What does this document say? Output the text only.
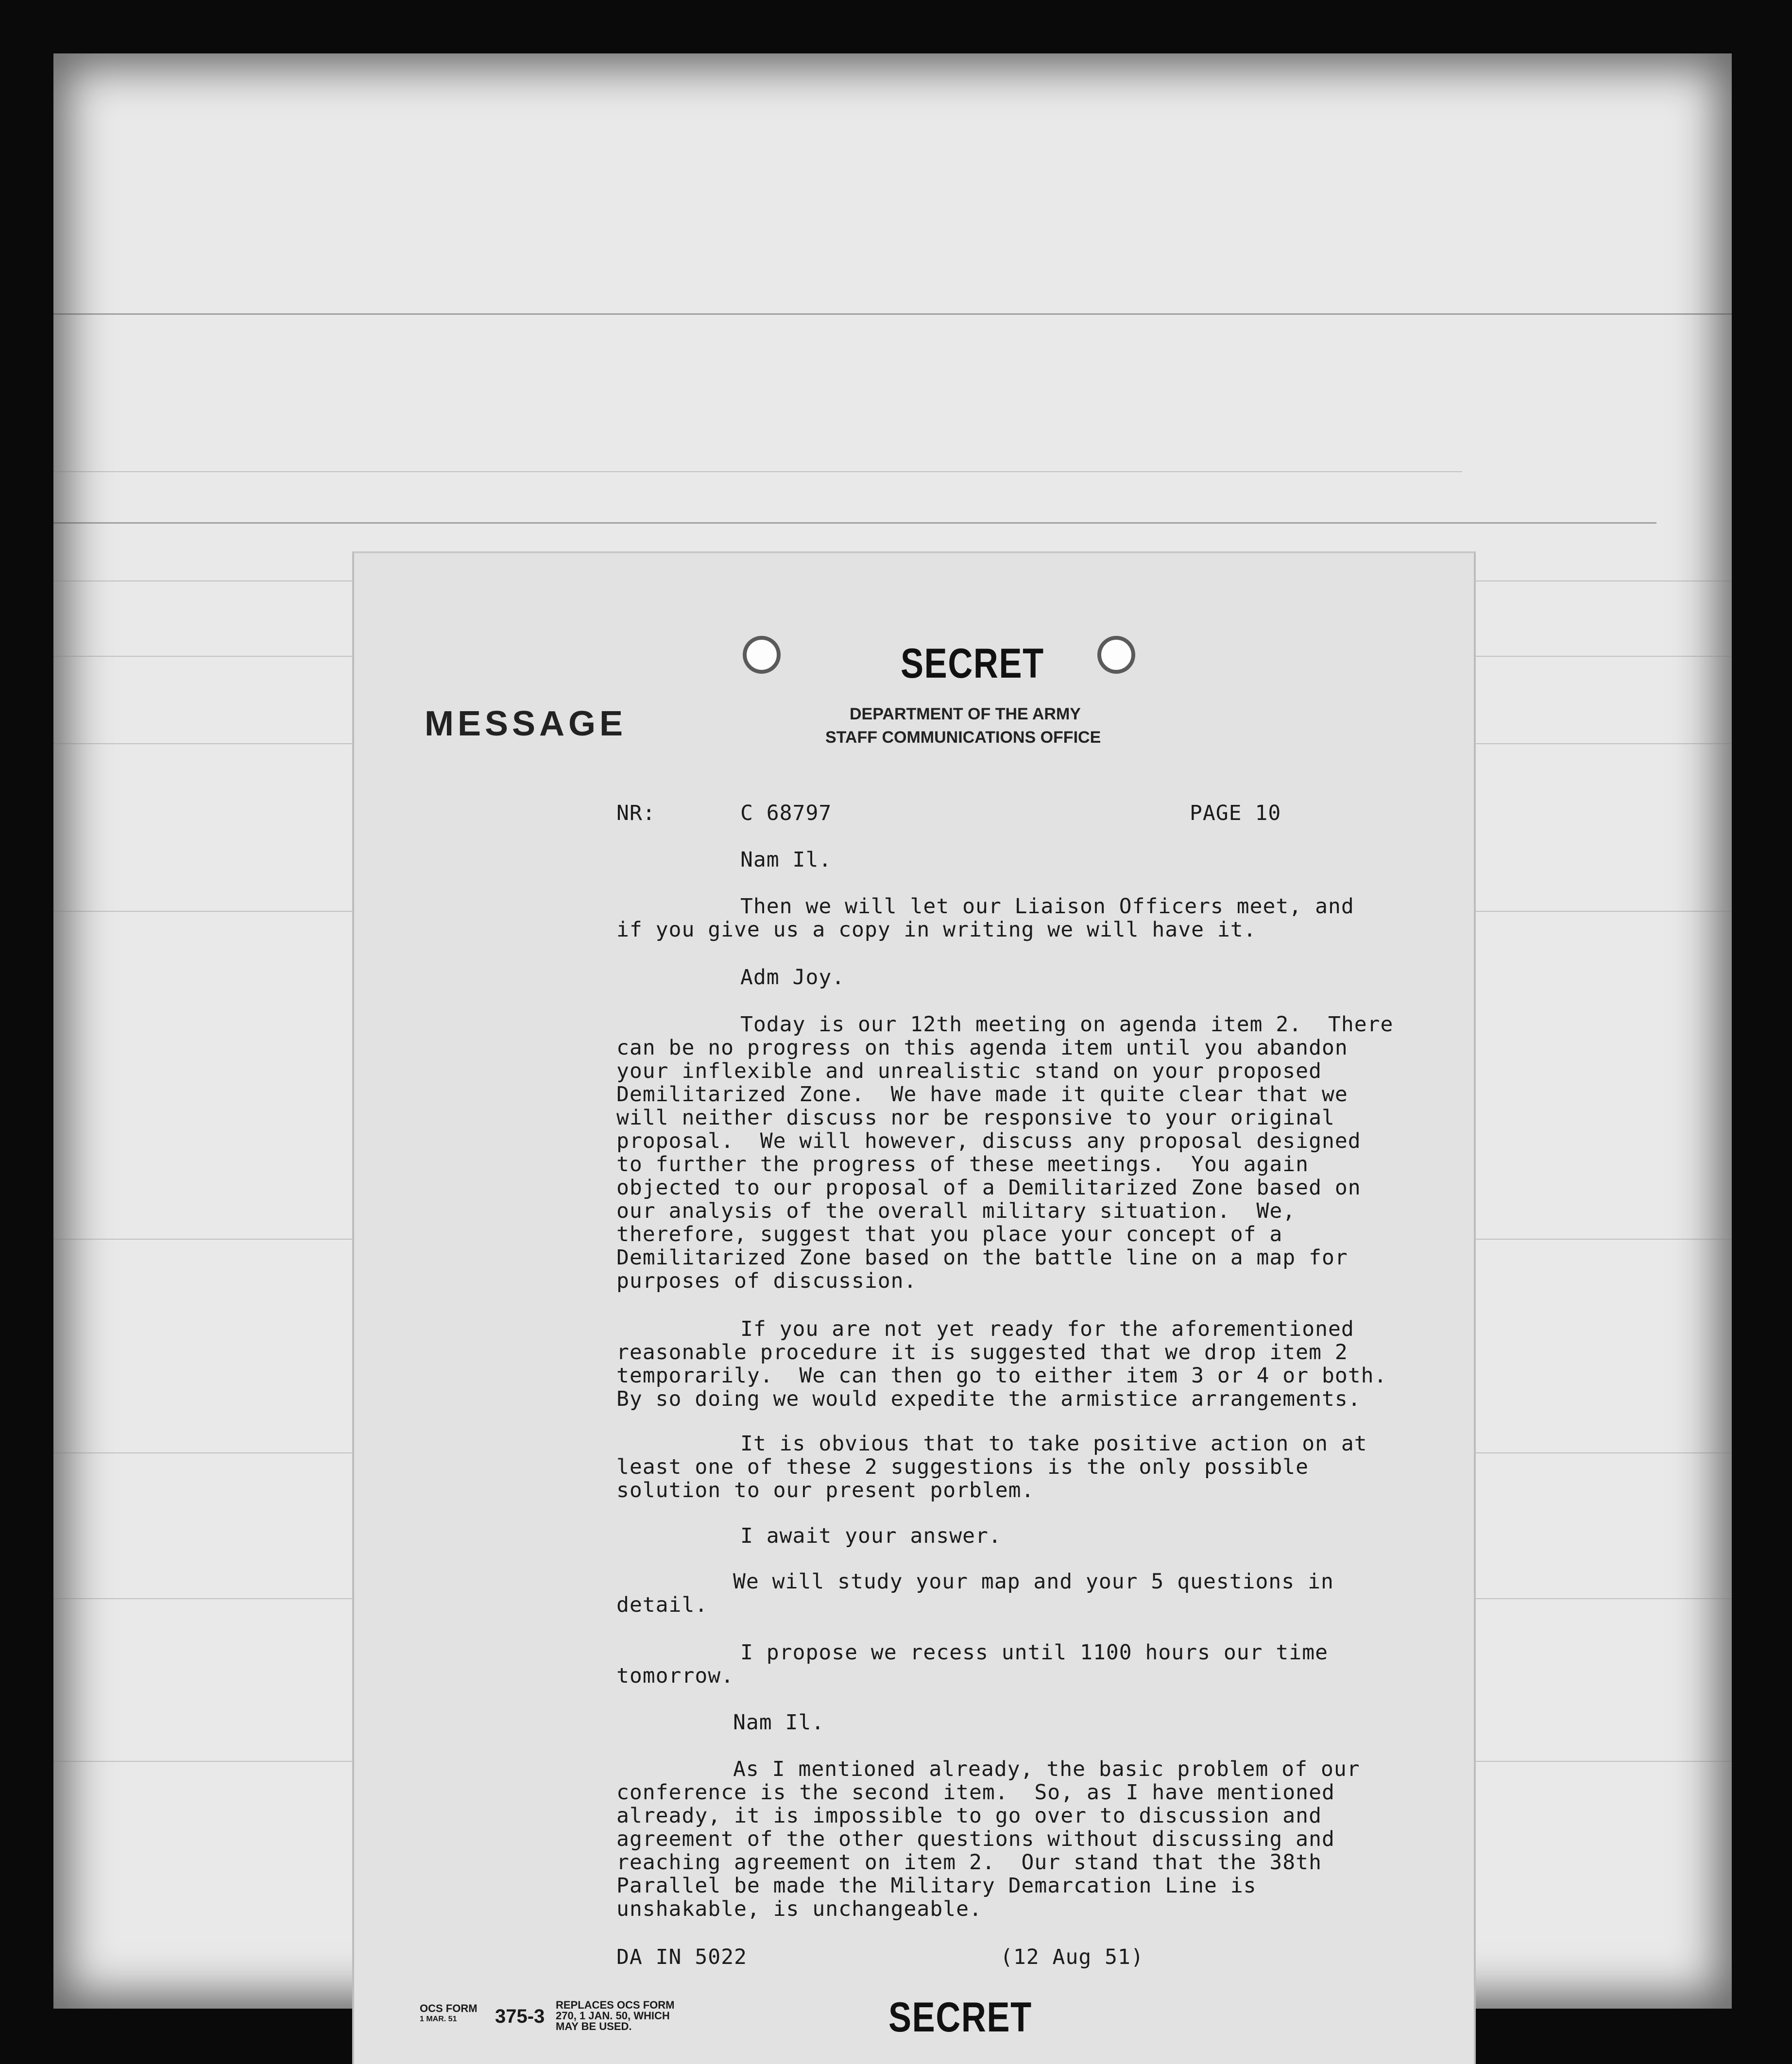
SECRET
MESSAGE	DEPARTMENT OF THE ARMY
STAFF COMMUNICATIONS OFFICE
NR:	C 68797	PAGE 10
Nam Il.
Then we will let our Liaison Officers meet, and
if you give us a copy in writing we will have it.
Adm Joy.
Today is our 12th meeting on agenda item 2.  There
can be no progress on this agenda item until you abandon
your inflexible and unrealistic stand on your proposed
Demilitarized Zone.  We have made it quite clear that we
will neither discuss nor be responsive to your original
proposal.  We will however, discuss any proposal designed
to further the progress of these meetings.  You again
objected to our proposal of a Demilitarized Zone based on
our analysis of the overall military situation.  We,
therefore, suggest that you place your concept of a
Demilitarized Zone based on the battle line on a map for
purposes of discussion.
If you are not yet ready for the aforementioned
reasonable procedure it is suggested that we drop item 2
temporarily.  We can then go to either item 3 or 4 or both.
By so doing we would expedite the armistice arrangements.
It is obvious that to take positive action on at
least one of these 2 suggestions is the only possible
solution to our present porblem.
I await your answer.
We will study your map and your 5 questions in
detail.
I propose we recess until 1100 hours our time
tomorrow.
Nam Il.
As I mentioned already, the basic problem of our
conference is the second item.  So, as I have mentioned
already, it is impossible to go over to discussion and
agreement of the other questions without discussing and
reaching agreement on item 2.  Our stand that the 38th
Parallel be made the Military Demarcation Line is
unshakable, is unchangeable.
DA IN 5022	(12 Aug 51)
OCS FORM
1 MAR. 51	375-3
REPLACES OCS FORM
270, 1 JAN. 50, WHICH
MAY BE USED.	SECRET
